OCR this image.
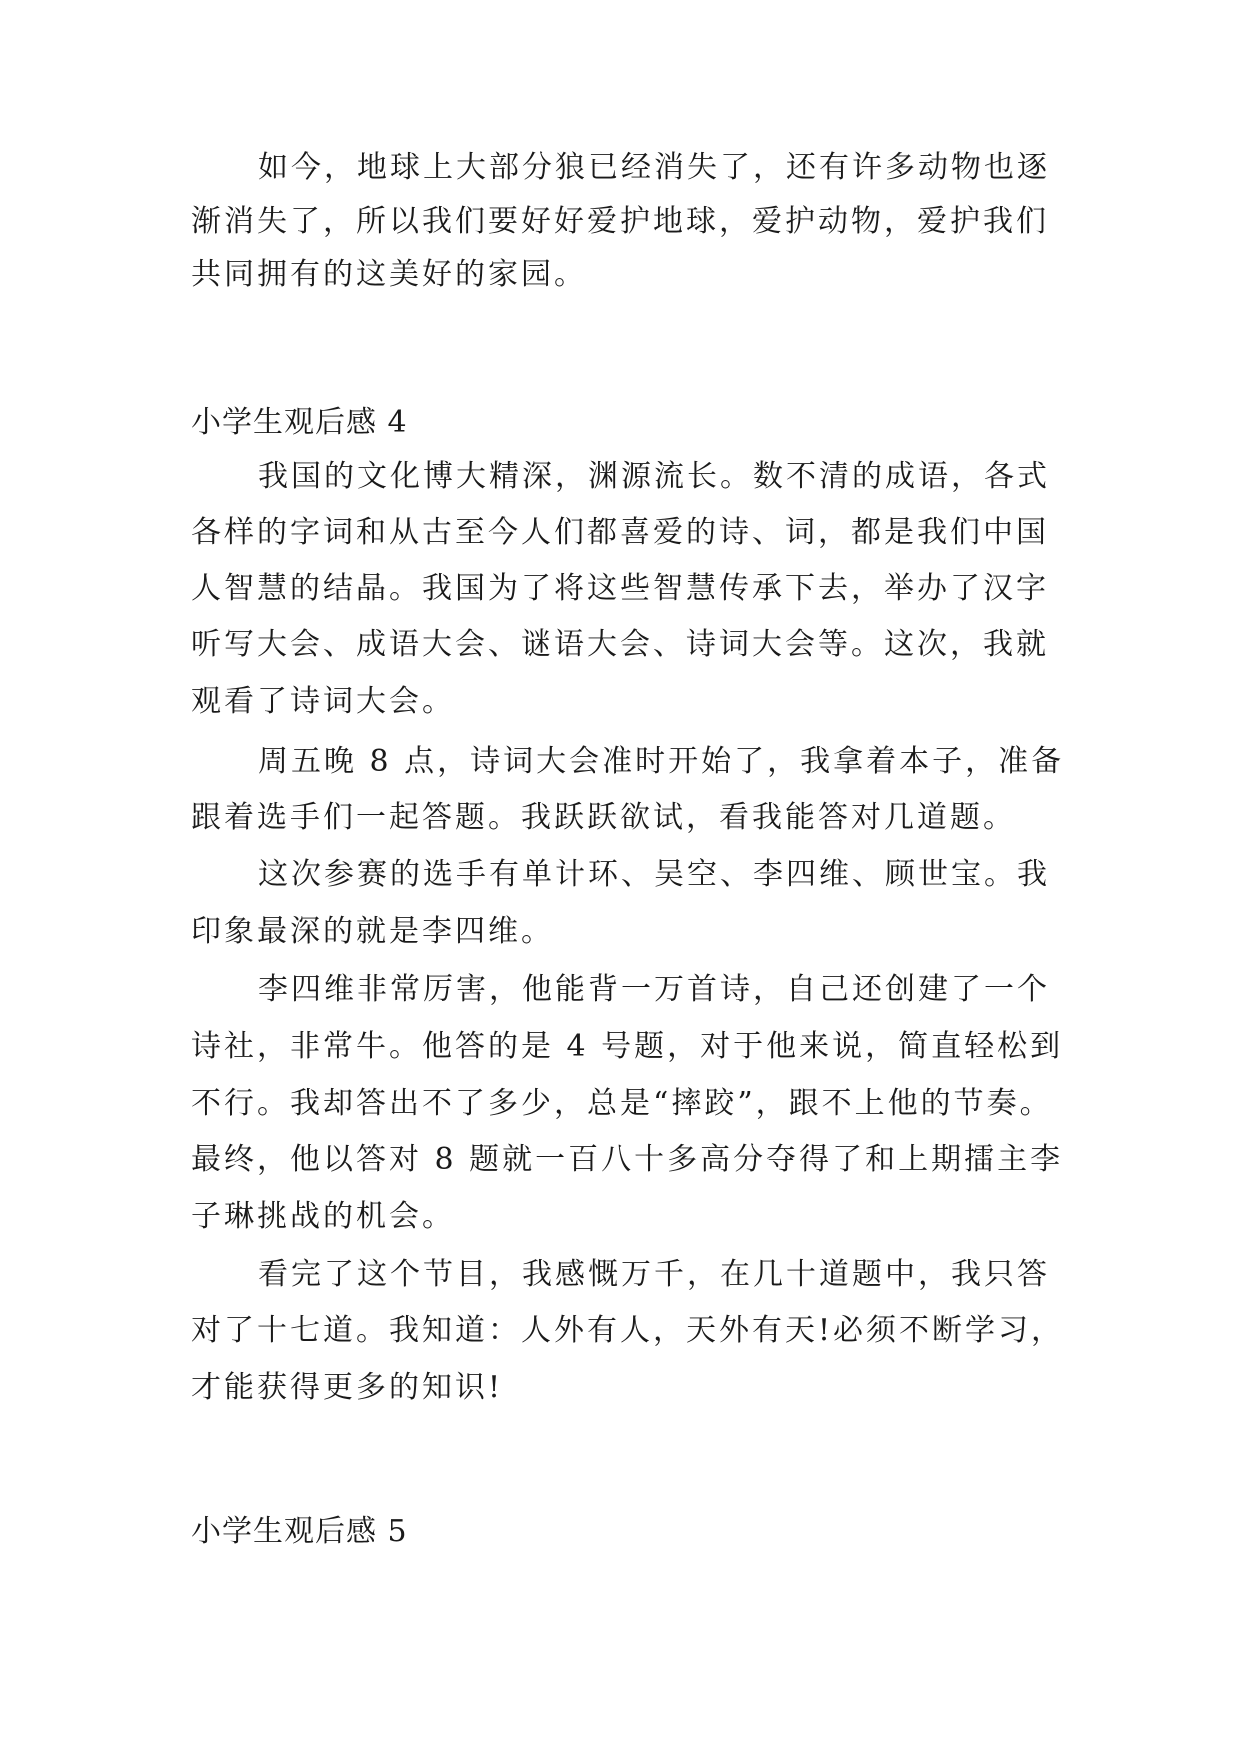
如今，地球上大部分狼已经消失了，还有许多动物也逐
渐消失了，所以我们要好好爱护地球，爱护动物，爱护我们
共同拥有的这美好的家园。
小学生观后感 4
我国的文化博大精深，渊源流长。数不清的成语，各式
各样的字词和从古至今人们都喜爱的诗、词，都是我们中国
人智慧的结晶。我国为了将这些智慧传承下去，举办了汉字
听写大会、成语大会、谜语大会、诗词大会等。这次，我就
观看了诗词大会。
周五晚 8 点，诗词大会准时开始了，我拿着本子，准备
跟着选手们一起答题。我跃跃欲试，看我能答对几道题。
这次参赛的选手有单计环、吴空、李四维、顾世宝。我
印象最深的就是李四维。
李四维非常厉害，他能背一万首诗，自己还创建了一个
诗社，非常牛。他答的是 4 号题，对于他来说，简直轻松到
不行。我却答出不了多少，总是“摔跤”，跟不上他的节奏。
最终，他以答对 8 题就一百八十多高分夺得了和上期擂主李
子琳挑战的机会。
看完了这个节目，我感慨万千，在几十道题中，我只答
对了十七道。我知道：人外有人，天外有天!必须不断学习，
才能获得更多的知识!
小学生观后感 5
